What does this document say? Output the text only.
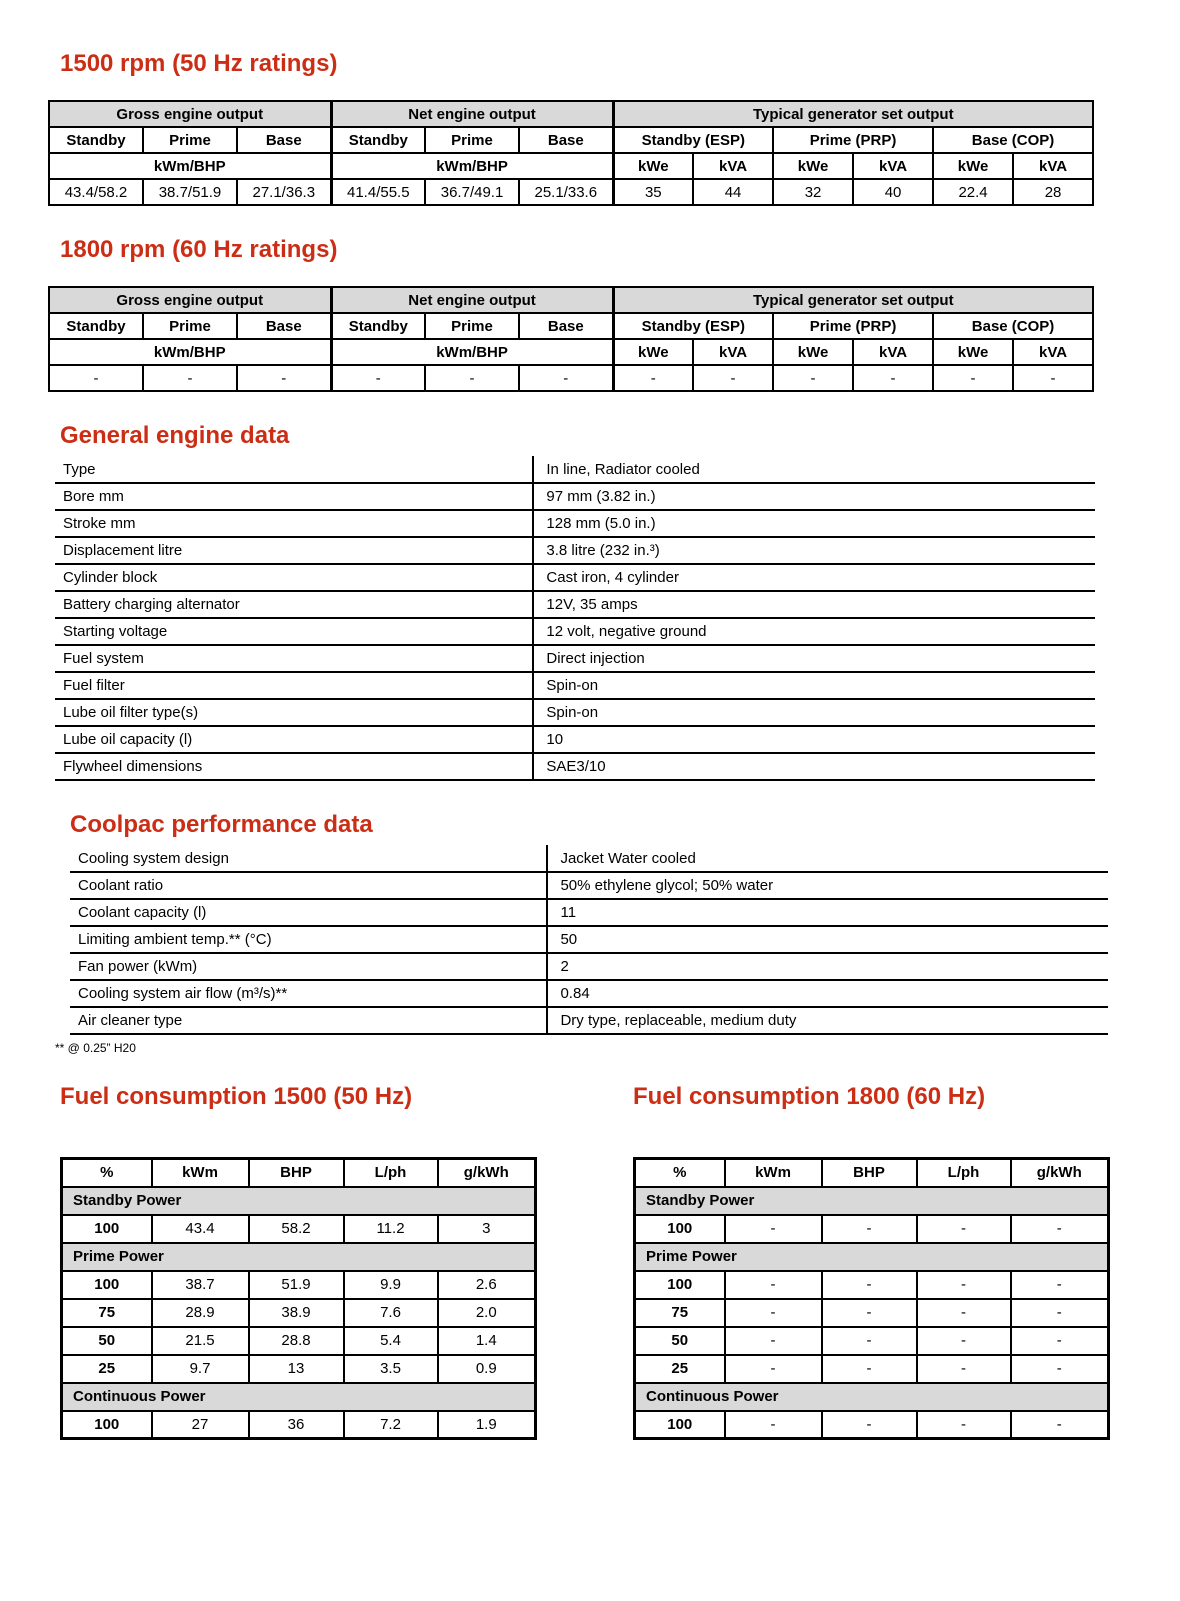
1500 rpm (50 Hz ratings)
Gross engine output			Net engine output			Typical generator set output					
Standby	Prime	Base	Standby	Prime	Base	Standby (ESP)		Prime (PRP)		Base (COP)	
kWm/BHP			kWm/BHP			kWe	kVA	kWe	kVA	kWe	kVA
43.4/58.2	38.7/51.9	27.1/36.3	41.4/55.5	36.7/49.1	25.1/33.6	35	44	32	40	22.4	28
1800 rpm (60 Hz ratings)
Gross engine output			Net engine output			Typical generator set output					
Standby	Prime	Base	Standby	Prime	Base	Standby (ESP)		Prime (PRP)		Base (COP)	
kWm/BHP			kWm/BHP			kWe	kVA	kWe	kVA	kWe	kVA
-	-	-	-	-	-	-	-	-	-	-	-
General engine data
Type	In line, Radiator cooled
Bore mm	97 mm (3.82 in.)
Stroke mm	128 mm (5.0 in.)
Displacement litre	3.8 litre (232 in.³)
Cylinder block	Cast iron, 4 cylinder
Battery charging alternator	12V, 35 amps
Starting voltage	12 volt, negative ground
Fuel system	Direct injection
Fuel filter	Spin-on
Lube oil filter type(s)	Spin-on
Lube oil capacity (l)	10
Flywheel dimensions	SAE3/10
Coolpac performance data
Cooling system design	Jacket Water cooled
Coolant ratio	50% ethylene glycol; 50% water
Coolant capacity (l)	11
Limiting ambient temp.** (°C)	50
Fan power (kWm)	2
Cooling system air flow (m³/s)**	0.84
Air cleaner type	Dry type, replaceable, medium duty
** @ 0.25” H20
Fuel consumption 1500 (50 Hz)
%	kWm	BHP	L/ph	g/kWh
Standby Power				
100	43.4	58.2	11.2	3
Prime Power				
100	38.7	51.9	9.9	2.6
75	28.9	38.9	7.6	2.0
50	21.5	28.8	5.4	1.4
25	9.7	13	3.5	0.9
Continuous Power				
100	27	36	7.2	1.9
Fuel consumption 1800 (60 Hz)
%	kWm	BHP	L/ph	g/kWh
Standby Power				
100	-	-	-	-
Prime Power				
100	-	-	-	-
75	-	-	-	-
50	-	-	-	-
25	-	-	-	-
Continuous Power				
100	-	-	-	-
